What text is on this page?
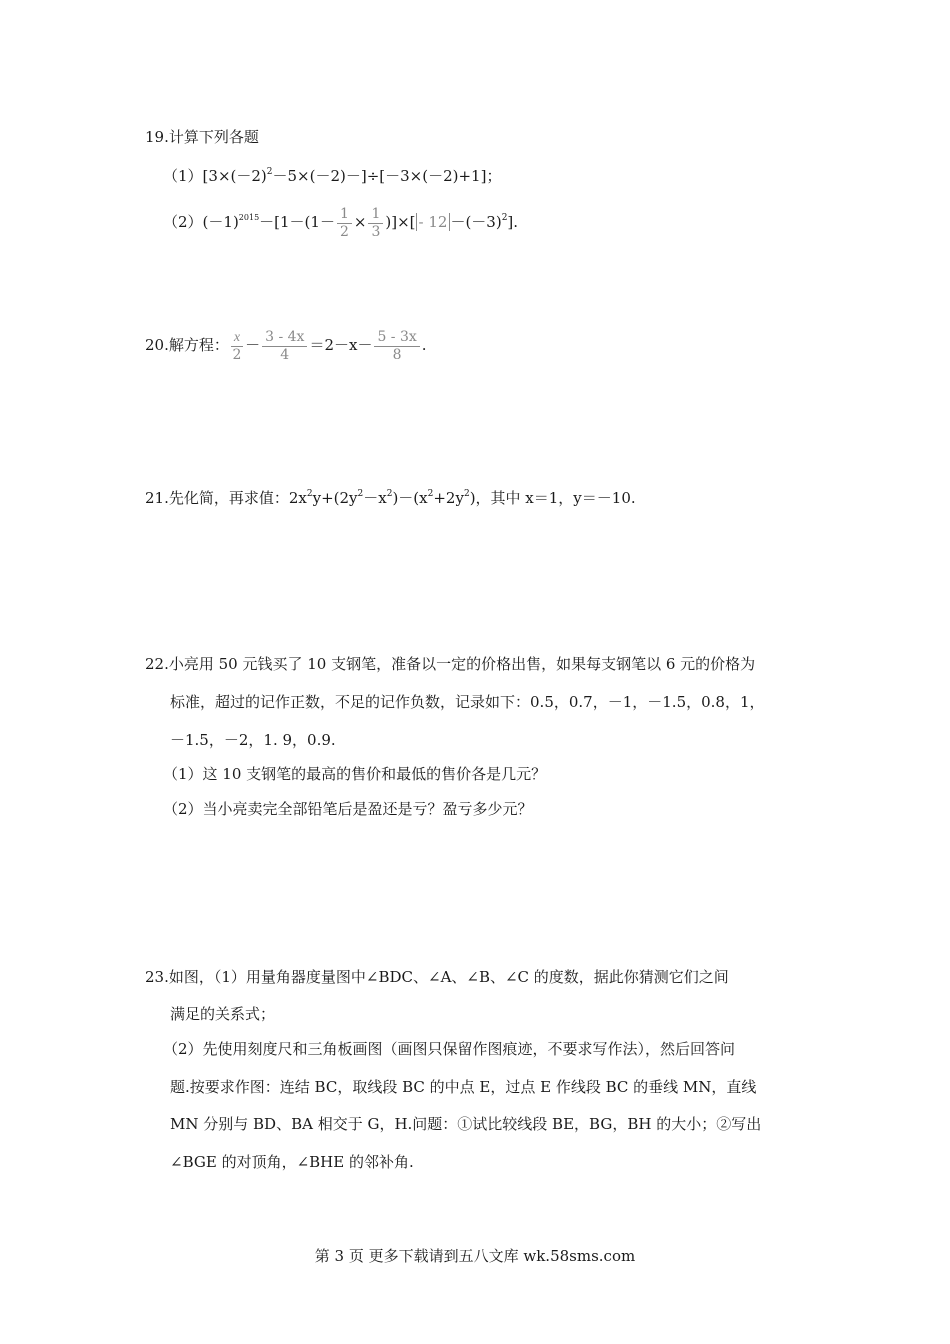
19.计算下列各题
$(1)[3\times(-2)^2-5\times(-2)-]\div[-3\times(-2)+1]$；
$(2)(-1)^{2015}-[1-(1- \frac{1}{2} \times \frac{1}{3}$ )]×[ - $12 -(-3)^2$].
20.解方程： $\frac{x}{2} - \frac{3 - 4x}{4} =2-x- \frac{5 - 3x}{8}$ .
21.先化简，再求值：$2x^2y+(2y^2-x^2)-(x^2+2y^2)$，其中 x＝1，y＝－10.
22.小亮用 50 元钱买了 10 支钢笔，准备以一定的价格出售，如果每支钢笔以 6 元的价格为
标准，超过的记作正数，不足的记作负数，记录如下：0.5，0.7，－1，－1.5，0.8，1，
－1.5，－2，1. 9，0.9.
（1）这 10 支钢笔的最高的售价和最低的售价各是几元？
（2）当小亮卖完全部铅笔后是盈还是亏？盈亏多少元？
23.如图，（1）用量角器度量图中∠BDC、∠A、∠B、∠C 的度数，据此你猜测它们之间
满足的关系式；
（2）先使用刻度尺和三角板画图（画图只保留作图痕迹，不要求写作法），然后回答问
题.按要求作图：连结 BC，取线段 BC 的中点 E，过点 E 作线段 BC 的垂线 MN，直线
MN 分别与 BD、BA 相交于 G，H.问题：①试比较线段 BE，BG，BH 的大小；②写出
∠BGE 的对顶角，∠BHE 的邻补角.
第 3 页 更多下载请到五八文库 wk.58sms.com
